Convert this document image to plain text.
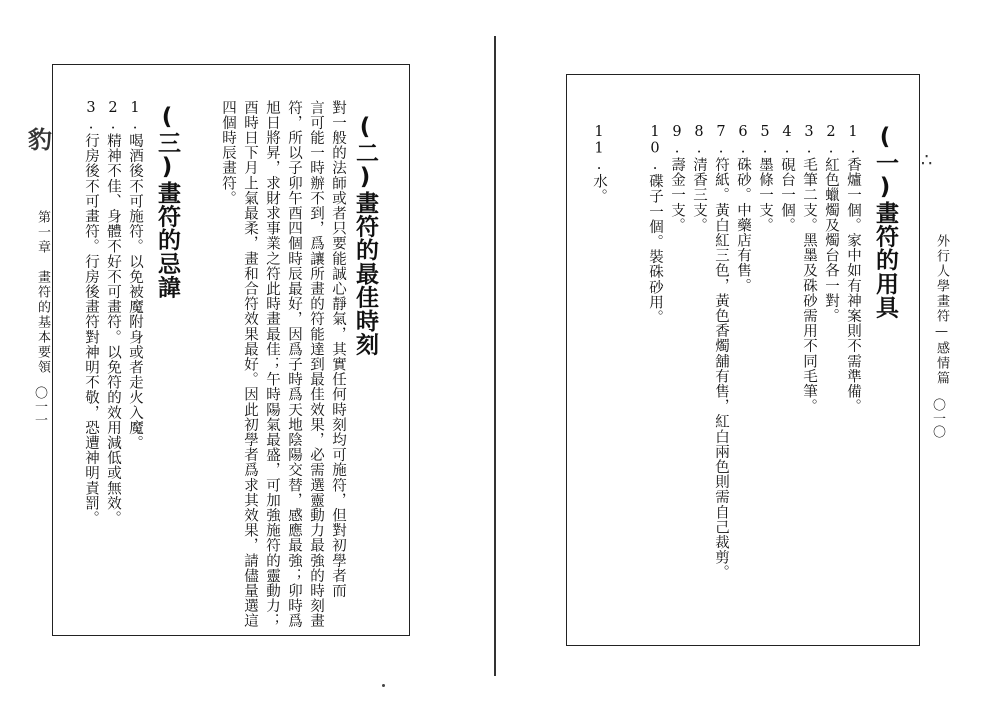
(二)畫符的最佳時刻
對一般的法師或者只要能誠心靜氣，其實任何時刻均可施符，但對初學者而
言可能一時辦不到，爲讓所畫的符能達到最佳效果，必需選靈動力最強的時刻畫
符，所以子卯午酉四個時辰最好，因爲子時爲天地陰陽交替，感應最強；卯時爲
旭日將昇，求財求事業之符此時畫最佳；午時陽氣最盛，可加強施符的靈動力；
酉時日下月上氣最柔，畫和合符效果最好。因此初學者爲求其效果，請儘量選這
四個時辰畫符。
(三)畫符的忌諱
1.喝酒後不可施符。以免被魔附身或者走火入魔。
2.精神不佳、身體不好不可畫符。以免符的效用減低或無效。
3.行房後不可畫符。行房後畫符對神明不敬，恐遭神明責罰。
第一章　畫符的基本要領
〇一一
豹	(一)畫符的用具
1.香爐一個。家中如有神案則不需準備。
2.紅色蠟燭及燭台各一對。
3.毛筆二支。黑墨及硃砂需用不同毛筆。
4.硯台一個。
5.墨條一支。
6.硃砂。中藥店有售。
7.符紙。黃白紅三色，黃色香燭舖有售，紅白兩色則需自己裁剪。
8.清香三支。
9.壽金一支。
10.碟子一個。裝硃砂用。
11.水。
外行人學畫符—感情篇
〇一〇
∴
